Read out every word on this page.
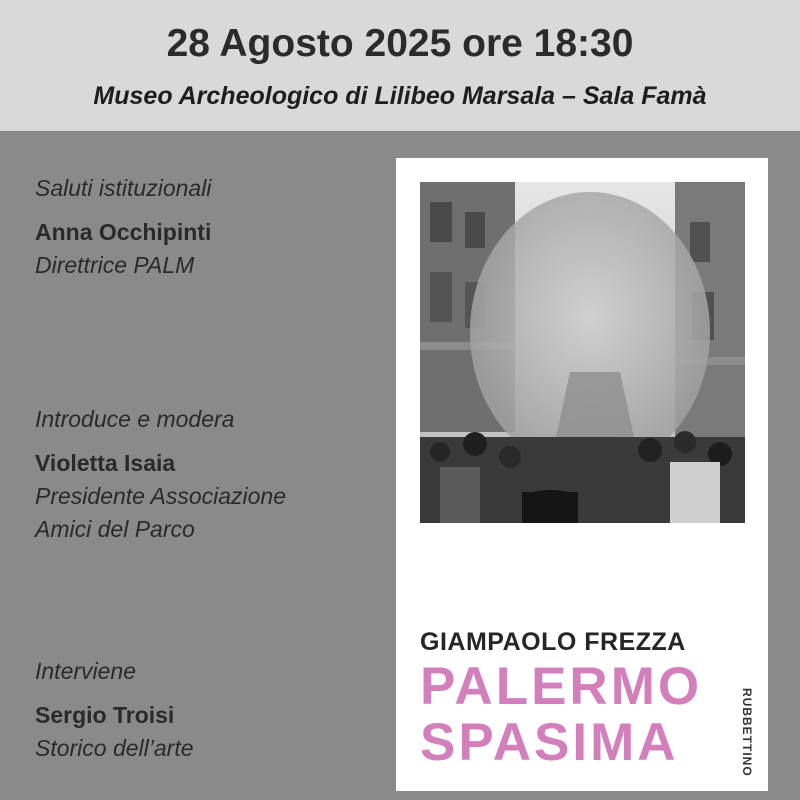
28 Agosto 2025 ore 18:30
Museo Archeologico di Lilibeo Marsala – Sala Famà
Saluti istituzionali
Anna Occhipinti
Direttrice PALM
Introduce e modera
Violetta Isaia
Presidente Associazione
Amici del Parco
Interviene
Sergio Troisi
Storico dell’arte
GIAMPAOLO FREZZA
PALERMO
SPASIMA	RUBBETTINO
